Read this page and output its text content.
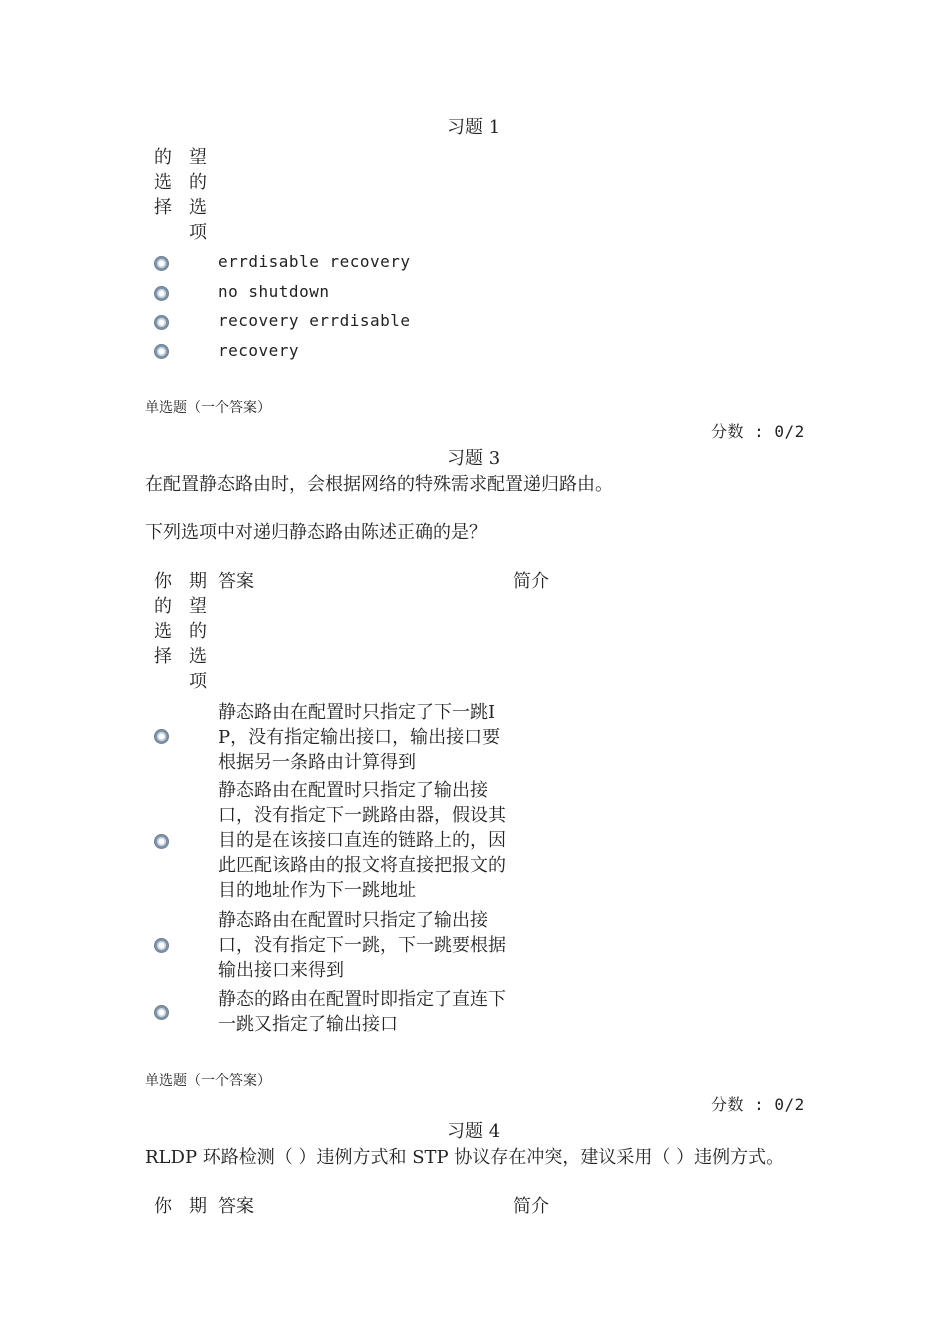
习题 1
的选择
望的选项
errdisable recovery
no shutdown
recovery errdisable
recovery
单选题（一个答案）
分数 : 0/2
习题 3
在配置静态路由时，会根据网络的特殊需求配置递归路由。
下列选项中对递归静态路由陈述正确的是？
你的选择
期望的选项
答案	简介
静态路由在配置时只指定了下一跳IP，没有指定输出接口，输出接口要根据另一条路由计算得到
静态路由在配置时只指定了输出接口，没有指定下一跳路由器，假设其目的是在该接口直连的链路上的，因此匹配该路由的报文将直接把报文的目的地址作为下一跳地址
静态路由在配置时只指定了输出接口，没有指定下一跳，下一跳要根据输出接口来得到
静态的路由在配置时即指定了直连下一跳又指定了输出接口
单选题（一个答案）
分数 : 0/2
习题 4
RLDP 环路检测（ ）违例方式和 STP 协议存在冲突，建议采用（ ）违例方式。
你 期 答案	简介
